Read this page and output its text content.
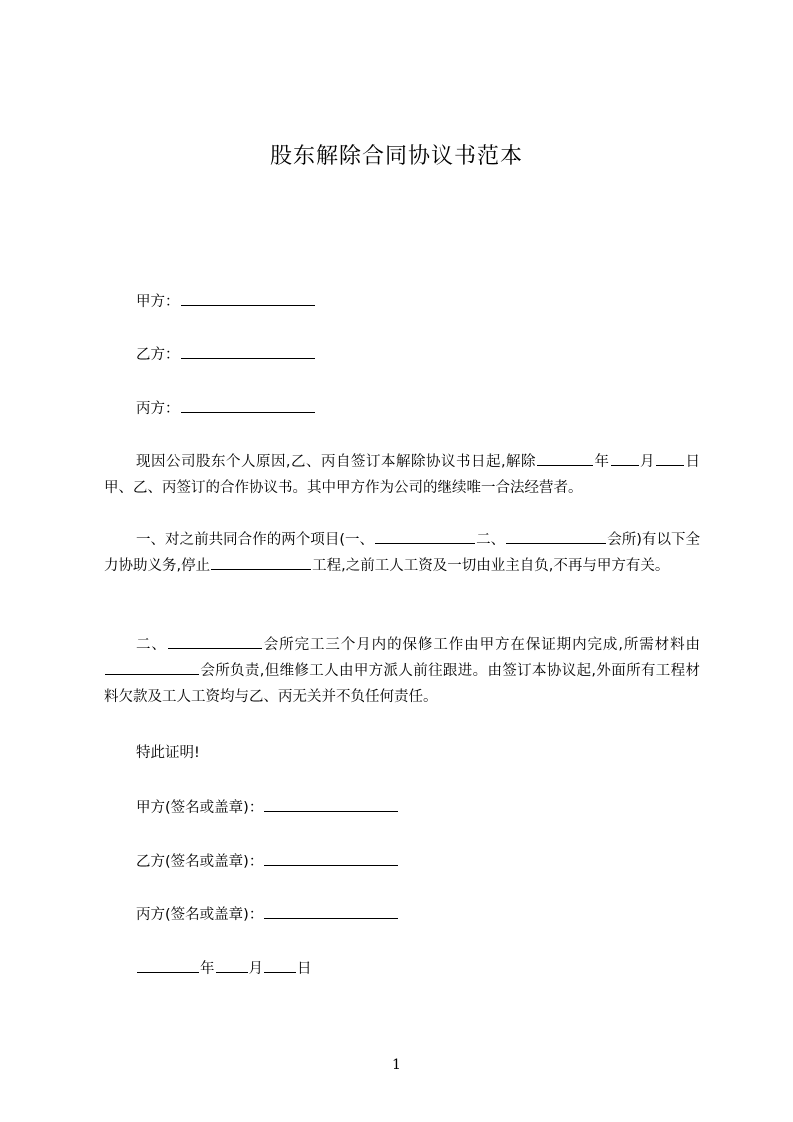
股东解除合同协议书范本
甲方：
乙方：
丙方：
现因公司股东个人原因,乙、丙自签订本解除协议书日起,解除	年 月 日甲、乙、丙签订的合作协议书。其中甲方作为公司的继续唯一合法经营者。
一、对之前共同合作的两个项目(一、	二、	会所)有以下全力协助义务,停止	工程,之前工人工资及一切由业主自负,不再与甲方有关。
二、	会所完工三个月内的保修工作由甲方在保证期内完成,所需材料由会所负责,但维修工人由甲方派人前往跟进。由签订本协议起,外面所有工程材料欠款及工人工资均与乙、丙无关并不负任何责任。
特此证明!
甲方(签名或盖章)：
乙方(签名或盖章)：
丙方(签名或盖章)：
年 月 日
1
